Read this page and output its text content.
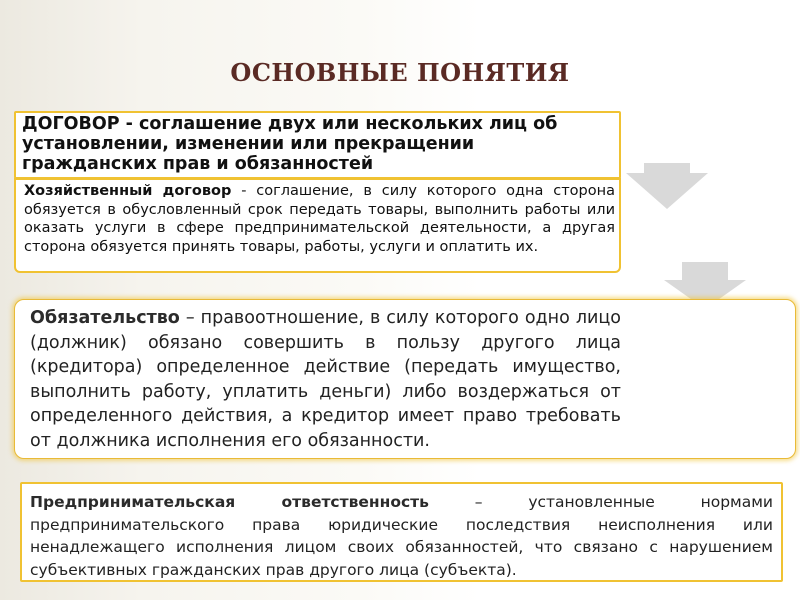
ОСНОВНЫЕ ПОНЯТИЯ
ДОГОВОР - соглашение двух или нескольких лиц об установлении, изменении или прекращении гражданских прав и обязанностей
Хозяйственный договор - соглашение, в силу которого одна сторона обязуется в обусловленный срок передать товары, выполнить работы или оказать услуги в сфере предпринимательской деятельности, а другая сторона обязуется принять товары, работы, услуги и оплатить их.
Обязательство – правоотношение, в силу которого одно лицо (должник) обязано совершить в пользу другого лица (кредитора) определенное действие (передать имущество, выполнить работу, уплатить деньги) либо воздержаться от определенного действия, а кредитор имеет право требовать от должника исполнения его обязанности.
Предпринимательская ответственность – установленные нормами предпринимательского права юридические последствия неисполнения или ненадлежащего исполнения лицом своих обязанностей, что связано с нарушением субъективных гражданских прав другого лица (субъекта).
